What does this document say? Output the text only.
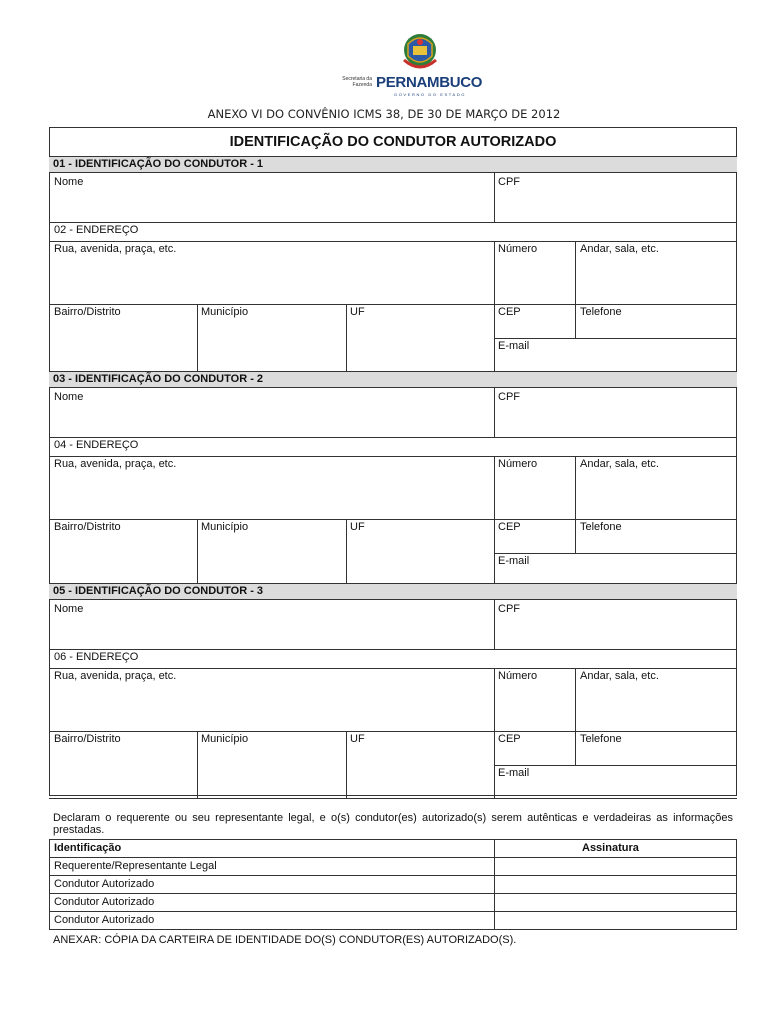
Secretaria da Fazenda PERNAMBUCO
GOVERNO DO ESTADO
ANEXO VI DO CONVÊNIO ICMS 38, DE 30 DE MARÇO DE 2012
IDENTIFICAÇÃO DO CONDUTOR AUTORIZADO
01 - IDENTIFICAÇÃO DO CONDUTOR - 1
Nome	CPF
02 - ENDEREÇO
Rua, avenida, praça, etc.	Número	Andar, sala, etc.
Bairro/Distrito	Município	UF	CEP	Telefone
E-mail
03 - IDENTIFICAÇÃO DO CONDUTOR - 2
Nome	CPF
04 - ENDEREÇO
Rua, avenida, praça, etc.	Número	Andar, sala, etc.
Bairro/Distrito	Município	UF	CEP	Telefone
E-mail
05 - IDENTIFICAÇÃO DO CONDUTOR - 3
Nome	CPF
06 - ENDEREÇO
Rua, avenida, praça, etc.	Número	Andar, sala, etc.
Bairro/Distrito	Município	UF	CEP	Telefone
E-mail
Declaram o requerente ou seu representante legal, e o(s) condutor(es) autorizado(s) serem autênticas e verdadeiras as informações prestadas.
Identificação	Assinatura
Requerente/Representante Legal
Condutor Autorizado
Condutor Autorizado
Condutor Autorizado
ANEXAR: CÓPIA DA CARTEIRA DE IDENTIDADE DO(S) CONDUTOR(ES) AUTORIZADO(S).
